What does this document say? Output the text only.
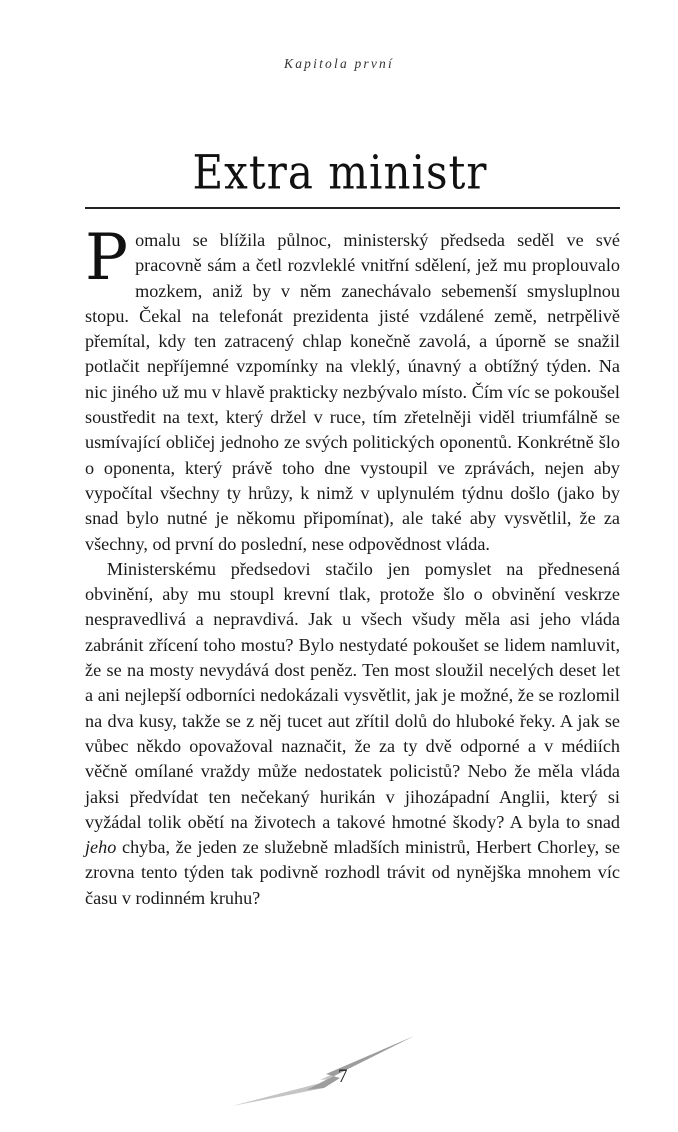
Kapitola první
Extra ministr

Pomalu se blížila půlnoc, ministerský předseda seděl ve své pracovně sám a četl rozvleklé vnitřní sdělení, jež mu proplouvalo mozkem, aniž by v něm zanechávalo sebemenší smysluplnou stopu. Čekal na telefonát prezidenta jisté vzdálené země, netrpělivě přemítal, kdy ten zatracený chlap konečně zavolá, a úporně se snažil potlačit nepříjemné vzpomínky na vleklý, únavný a obtížný týden. Na nic jiného už mu v hlavě prakticky nezbývalo místo. Čím víc se pokoušel soustředit na text, který držel v ruce, tím zřetelněji viděl triumfálně se usmívající obličej jednoho ze svých politických oponentů. Konkrétně šlo o oponenta, který právě toho dne vystoupil ve zprávách, nejen aby vypočítal všechny ty hrůzy, k nimž v uplynulém týdnu došlo (jako by snad bylo nutné je někomu připomínat), ale také aby vysvětlil, že za všechny, od první do poslední, nese odpovědnost vláda.

Ministerskému předsedovi stačilo jen pomyslet na přednesená obvinění, aby mu stoupl krevní tlak, protože šlo o obvinění veskrze nespravedlivá a nepravdivá. Jak u všech všudy měla asi jeho vláda zabránit zřícení toho mostu? Bylo nestydaté pokoušet se lidem namluvit, že se na mosty nevydává dost peněz. Ten most sloužil necelých deset let a ani nejlepší odborníci nedokázali vysvětlit, jak je možné, že se rozlomil na dva kusy, takže se z něj tucet aut zřítil dolů do hluboké řeky. A jak se vůbec někdo opovažoval naznačit, že za ty dvě odporné a v médiích věčně omílané vraždy může nedostatek policistů? Nebo že měla vláda jaksi předvídat ten nečekaný hurikán v jihozápadní Anglii, který si vyžádal tolik obětí na životech a takové hmotné škody? A byla to snad jeho chyba, že jeden ze služebně mladších ministrů, Herbert Chorley, se zrovna tento týden tak podivně rozhodl trávit od nynějška mnohem víc času v rodinném kruhu?

7
